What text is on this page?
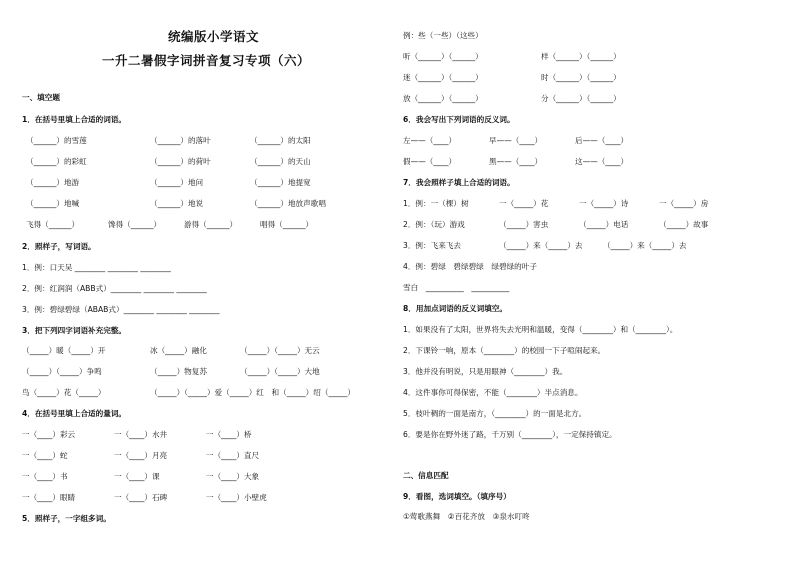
统编版小学语文
一升二暑假字词拼音复习专项（六）
一、填空题
1．在括号里填上合适的词语。
（______）的雪莲	（______）的落叶	（______）的太阳
（______）的彩虹	（______）的荷叶	（______）的天山
（______）地游	（______）地问	（______）地提宽
（______）地喊	（______）地说	（______）地放声歌唱
飞得（______）	馋得（______）	游得（______）	唱得（______）
2．照样子，写词语。
1．例：口天吴 ________ ________ ________
2．例：红润润（ABB式）________ ________ ________
3．例：碧绿碧绿（ABAB式）________ ________ ________
3．把下列四字词语补充完整。
（_____）暖（_____）开	冰（_____）融化	（_____）（_____）无云
（_____）（_____）争鸣	（_____）物复苏	（_____）（_____）大地
鸟（_____）花（_____）	（_____）（_____）爱（_____）红　和（_____）绍（_____）
4．在括号里填上合适的量词。
一（____）彩云	一（____）水井	一（____）桥
一（____）蛇	一（____）月亮	一（____）直尺
一（____）书	一（____）课	一（____）大象
一（____）眼睛	一（____）石碑	一（____）小壁虎
5．照样子，一字组多词。
例：些（一些）（这些）
听（______）（______）	样（______）（______）
迷（______）（______）	时（______）（______）
放（______）（______）	分（______）（______）
6．我会写出下列词语的反义词。
左——（____）	早——（____）	后——（____）
假——（____）	黑——（____）	这——（____）
7．我会照样子填上合适的词语。
1．例：一（棵）树	一（_____）花	一（_____）诗	一（_____）房
2．例：（玩）游戏	（_____）害虫	（_____）电话	（_____）故事
3．例：飞来飞去	（_____）来（_____）去	（_____）来（_____）去
4．例：碧绿　碧绿碧绿　绿碧绿的叶子
雪白　__________　__________
8．用加点词语的反义词填空。
1．如果没有了太阳，世界将失去光明和温暖，变得（________）和（________）。
2．下课铃一响，原本（________）的校园一下子喧闹起来。
3．他并没有明说，只是用眼神（________）我。
4．这件事你可得保密，不能（________）半点消息。
5．枝叶稠的一面是南方，（________）的一面是北方。
6．要是你在野外迷了路，千万别（________），一定保持镇定。
二、信息匹配
9．看图，选词填空。（填序号）
①莺歌燕舞　②百花齐放　③泉水叮咚
